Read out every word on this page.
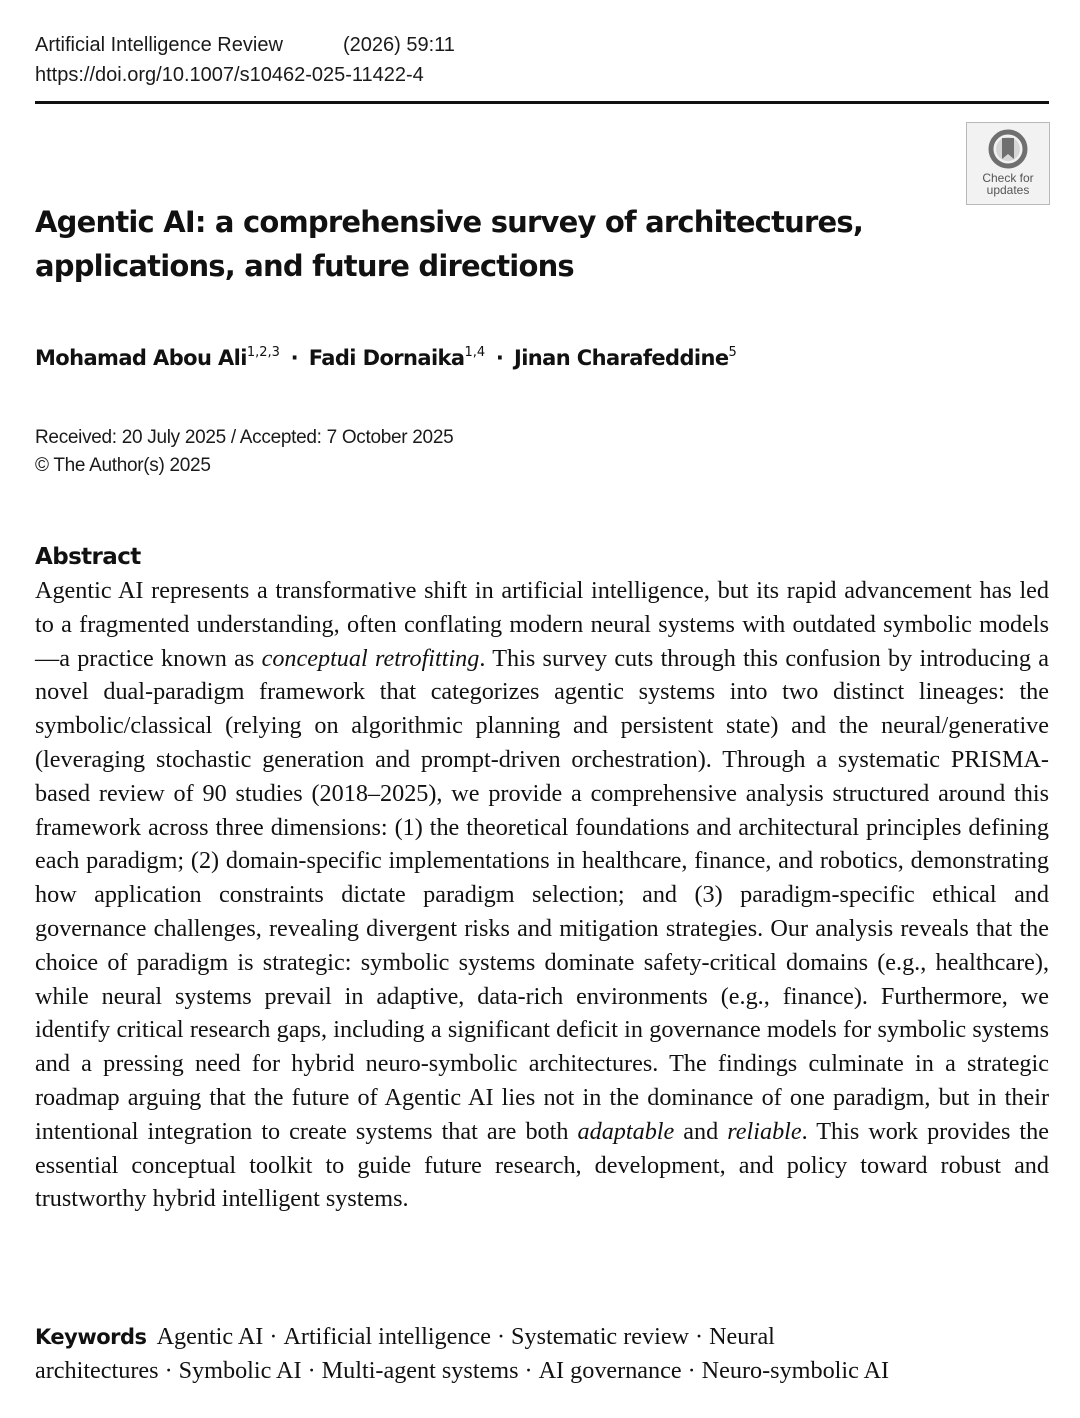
Artificial Intelligence Review	(2026) 59:11
https://doi.org/10.1007/s10462-025-11422-4
Check for
updates
Agentic AI: a comprehensive survey of architectures,
applications, and future directions
Mohamad Abou Ali$^{1,2,3}$ · Fadi Dornaika$^{1,4}$ · Jinan Charafeddine$^5$
Received: 20 July 2025 / Accepted: 7 October 2025
© The Author(s) 2025
Abstract

Agentic AI represents a transformative shift in artificial intelligence, but its rapid advancement has led to a fragmented understanding, often conflating modern neural systems with outdated symbolic models—a practice known as conceptual retrofitting. This survey cuts through this confusion by introducing a novel dual-paradigm framework that categorizes agentic systems into two distinct lineages: the symbolic/classical (relying on algorithmic planning and persistent state) and the neural/generative (leveraging stochastic generation and prompt-driven orchestration). Through a systematic PRISMA-based review of 90 studies (2018–2025), we provide a comprehensive analysis structured around this framework across three dimensions: (1) the theoretical foundations and architectural principles defining each paradigm; (2) domain-specific implementations in healthcare, finance, and robotics, demonstrating how application constraints dictate paradigm selection; and (3) paradigm-specific ethical and governance challenges, revealing divergent risks and mitigation strategies. Our analysis reveals that the choice of paradigm is strategic: symbolic systems dominate safety-critical domains (e.g., healthcare), while neural systems prevail in adaptive, data-rich environments (e.g., finance). Furthermore, we identify critical research gaps, including a significant deficit in governance models for symbolic systems and a pressing need for hybrid neuro-symbolic architectures. The findings culminate in a strategic roadmap arguing that the future of Agentic AI lies not in the dominance of one paradigm, but in their intentional integration to create systems that are both adaptable and reliable. This work provides the essential conceptual toolkit to guide future research, development, and policy toward robust and trustworthy hybrid intelligent systems.

Keywords Agentic AI · Artificial intelligence · Systematic review · Neural
architectures · Symbolic AI · Multi-agent systems · AI governance · Neuro-symbolic AI
